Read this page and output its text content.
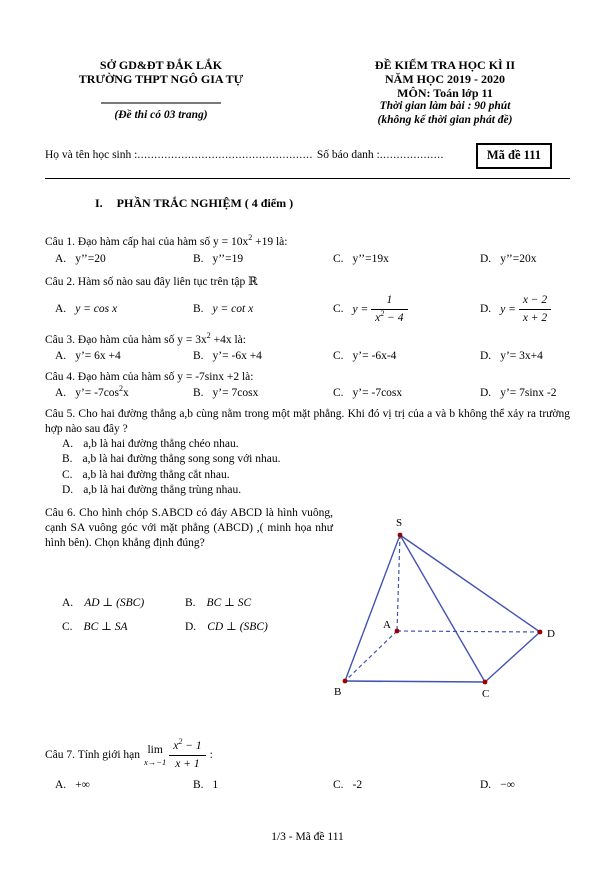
SỞ GD&ĐT ĐẮK LẮK
TRƯỜNG THPT NGÔ GIA TỰ
(Đề thi có 03 trang)
ĐỀ KIỂM TRA HỌC KÌ II
NĂM HỌC 2019 - 2020
MÔN: Toán lớp 11
Thời gian làm bài : 90 phút
(không kể thời gian phát đề)
Họ và tên học sinh : .................................................... Số báo danh : ...................	Mã đề 111
I. PHẦN TRẮC NGHIỆM ( 4 điểm )
Câu 1. Đạo hàm cấp hai của hàm số $y = 10x^2 +19$ là:
A. y’’=20	B. y’’=19	C. y’’=19x	D. y’’=20x
Câu 2. Hàm số nào sau đây liên tục trên tập ℝ
A. y = cos x	B. y = cot x	C. $y = \frac{1}{x^2 - 4}$	D. $y = \frac{x - 2}{x + 2}$
Câu 3. Đạo hàm của hàm số $y = 3x^2 +4x$ là:
A. y’= 6x +4	B. y’= -6x +4	C. y’= -6x-4	D. y’= 3x+4
Câu 4. Đạo hàm của hàm số y = -7sinx +2 là:
A. y’= $-7\cos^2x$	B. y’= 7cosx	C. y’= -7cosx	D. y’= 7sinx -2
Câu 5. Cho hai đường thẳng a,b cùng nằm trong một mặt phẳng. Khi đó vị trị của a và b không thể xảy ra trường hợp nào sau đây ?
A. a,b là hai đường thẳng chéo nhau.
B. a,b là hai đường thẳng song song với nhau.
C. a,b là hai đường thẳng cắt nhau.
D. a,b là hai đường thẳng trùng nhau.
Câu 6. Cho hình chóp S.ABCD có đáy ABCD là hình vuông, cạnh SA vuông góc với mặt phẳng (ABCD) ,( minh họa như hình bên). Chọn khẳng định đúng?
A. AD ⊥ (SBC)	B. BC ⊥ SC
C. BC ⊥ SA	D. CD ⊥ (SBC)
S
A
B	C
D
Câu 7. Tính giới hạn lim
$x\to-1 \frac{x^2 - 1}{x + 1}$ :
A. +∞	B. 1	C. -2	D. −∞
1/3 - Mã đề 111
